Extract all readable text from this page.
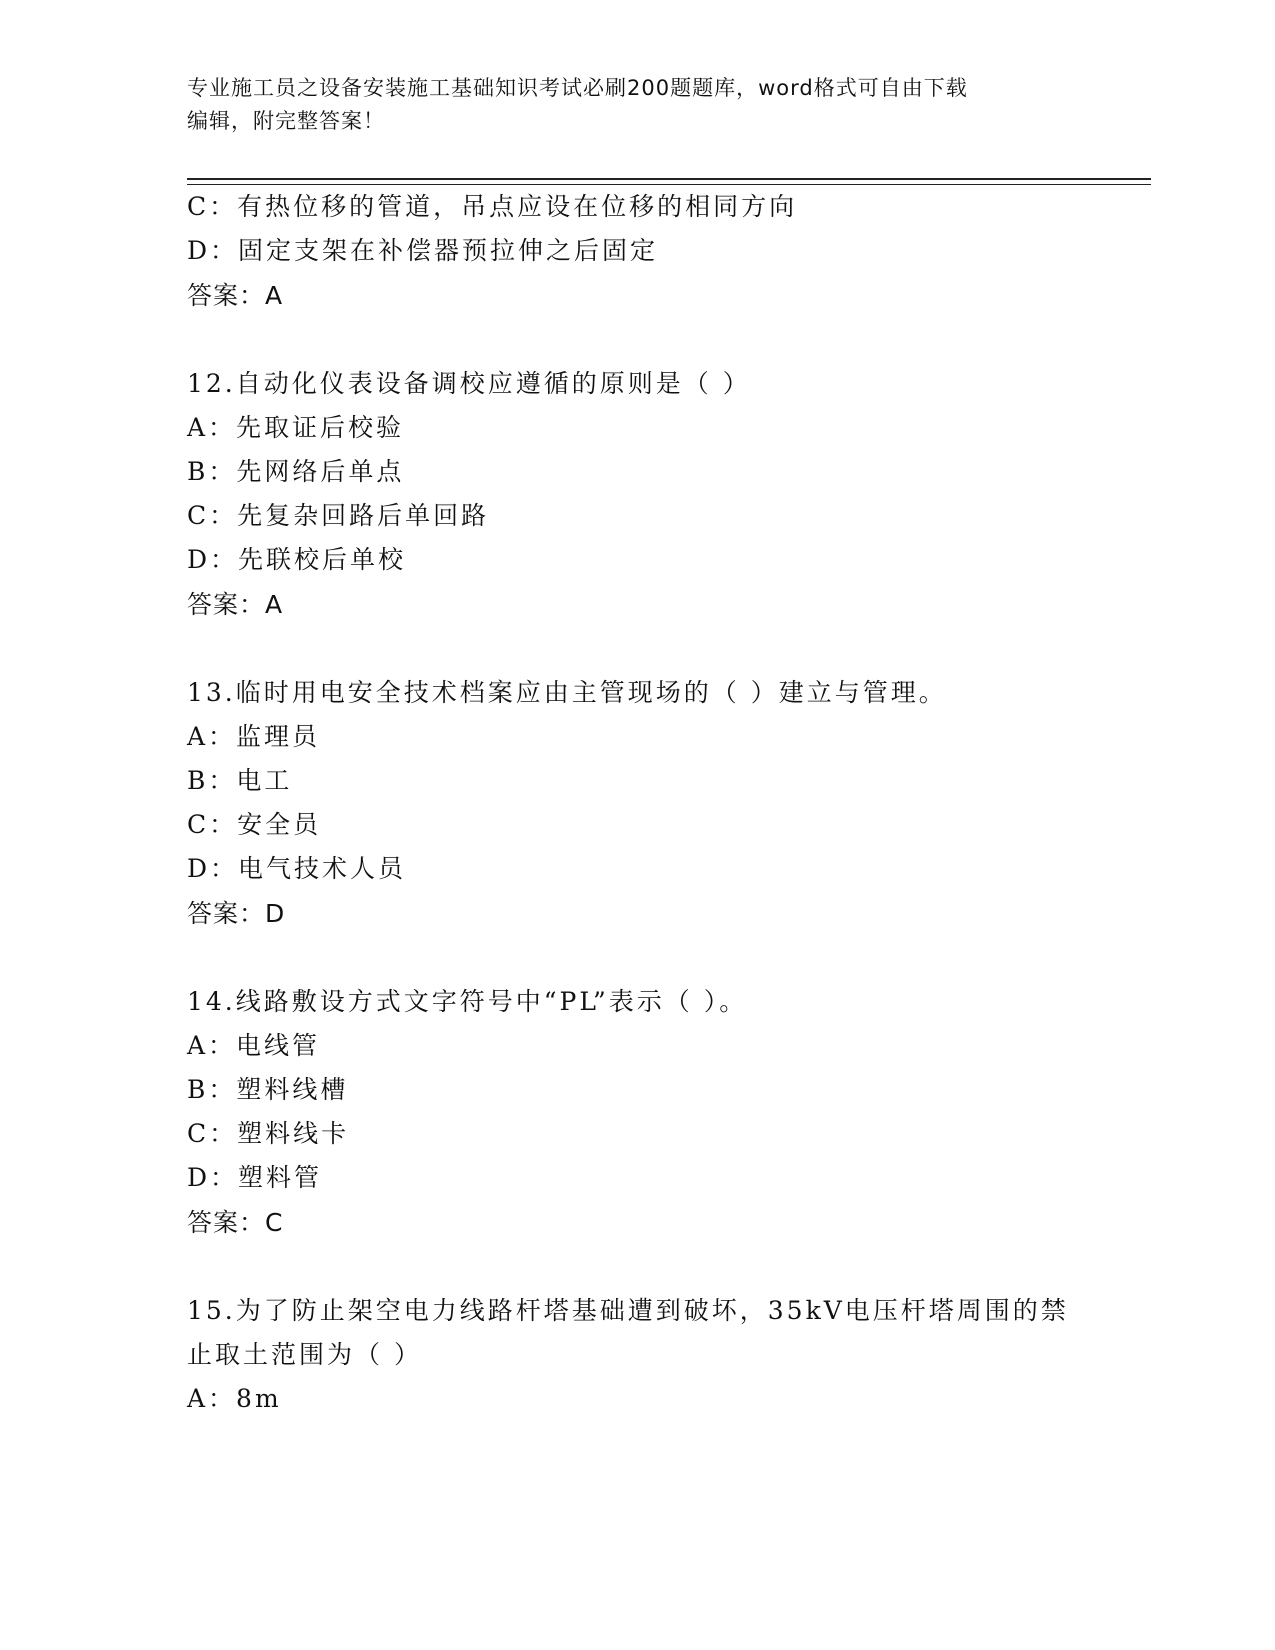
专业施工员之设备安装施工基础知识考试必刷200题题库，word格式可自由下载
编辑，附完整答案！
C：有热位移的管道，吊点应设在位移的相同方向
D：固定支架在补偿器预拉伸之后固定
答案：A
12.自动化仪表设备调校应遵循的原则是（ ）
A：先取证后校验
B：先网络后单点
C：先复杂回路后单回路
D：先联校后单校
答案：A
13.临时用电安全技术档案应由主管现场的（ ）建立与管理。
A：监理员
B：电工
C：安全员
D：电气技术人员
答案：D
14.线路敷设方式文字符号中“PL”表示（ ）。
A：电线管
B：塑料线槽
C：塑料线卡
D：塑料管
答案：C
15.为了防止架空电力线路杆塔基础遭到破坏，35kV电压杆塔周围的禁
止取土范围为（ ）
A：8m
